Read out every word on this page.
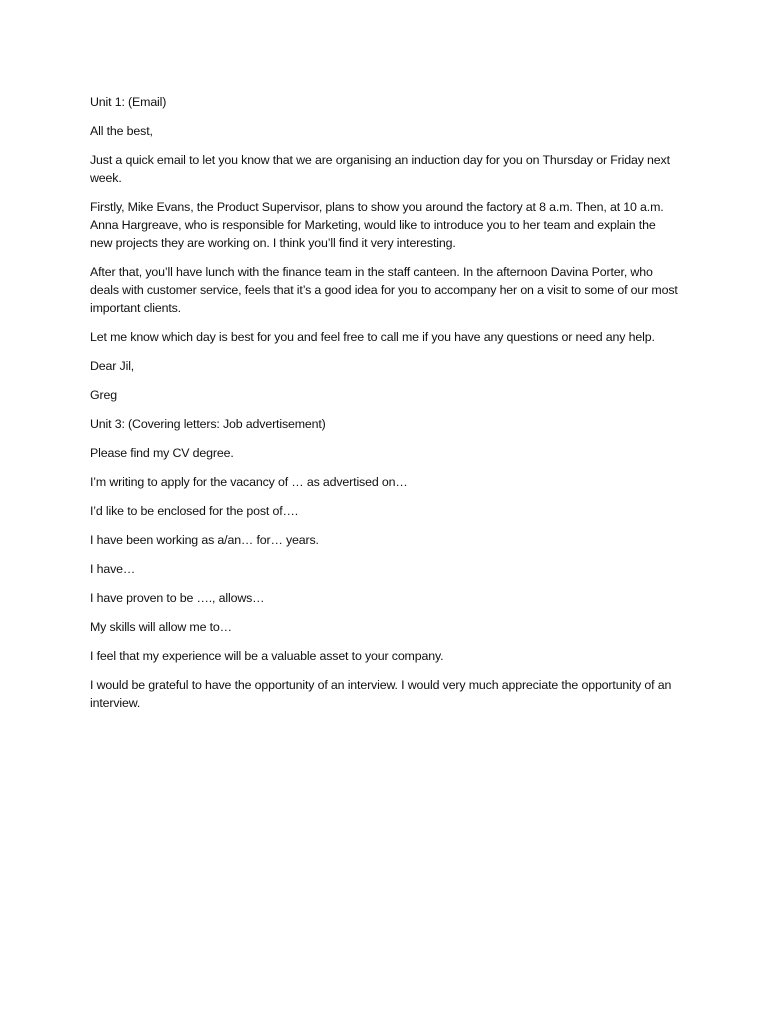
Unit 1: (Email)

All the best,

Just a quick email to let you know that we are organising an induction day for you on Thursday or Friday next week.

Firstly, Mike Evans, the Product Supervisor, plans to show you around the factory at 8 a.m. Then, at 10 a.m. Anna Hargreave, who is responsible for Marketing, would like to introduce you to her team and explain the new projects they are working on. I think you’ll find it very interesting.

After that, you’ll have lunch with the finance team in the staff canteen. In the afternoon Davina Porter, who deals with customer service, feels that it’s a good idea for you to accompany her on a visit to some of our most important clients.

Let me know which day is best for you and feel free to call me if you have any questions or need any help.

Dear Jil,

Greg

Unit 3: (Covering letters: Job advertisement)

Please find my CV degree.

I’m writing to apply for the vacancy of … as advertised on…

I’d like to be enclosed for the post of….

I have been working as a/an… for… years.

I have…

I have proven to be …., allows…

My skills will allow me to…

I feel that my experience will be a valuable asset to your company.

I would be grateful to have the opportunity of an interview. I would very much appreciate the opportunity of an interview.
